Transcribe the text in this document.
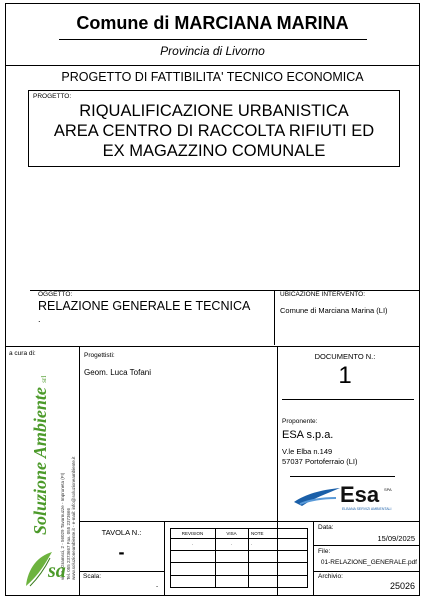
Comune di MARCIANA MARINA
Provincia di Livorno
PROGETTO DI FATTIBILITA' TECNICO ECONOMICA
PROGETTO:
RIQUALIFICAZIONE URBANISTICA
AREA CENTRO DI RACCOLTA RIFIUTI ED
EX MAGAZZINO COMUNALE
OGGETTO:
RELAZIONE GENERALE E TECNICA
.
UBICAZIONE INTERVENTO:
Comune di Marciana Marina (LI)
a cura di:
Soluzione Ambiente srl
via A. Gramsci, 2 - 56029 Tavarnuzze - Impruneta (FI) Tel. 055 2373667 Fax. 055 2373666 www.soluzioneambiente.it - e-mail: info@soluzioneambiente.it
sa
Progettisti:
Geom. Luca Tofani
DOCUMENTO N.:
1
Proponente:
ESA s.p.a.
V.le Elba n.149
57037 Portoferraio (LI)
Esa SPA
ELBANA SERVIZI AMBIENTALI
TAVOLA N.:
-
Scala:
-
REVISION	VISA	NOTE
.	.	.
Data:
15/09/2025
File:
01-RELAZIONE_GENERALE.pdf
Archivio:
25026
